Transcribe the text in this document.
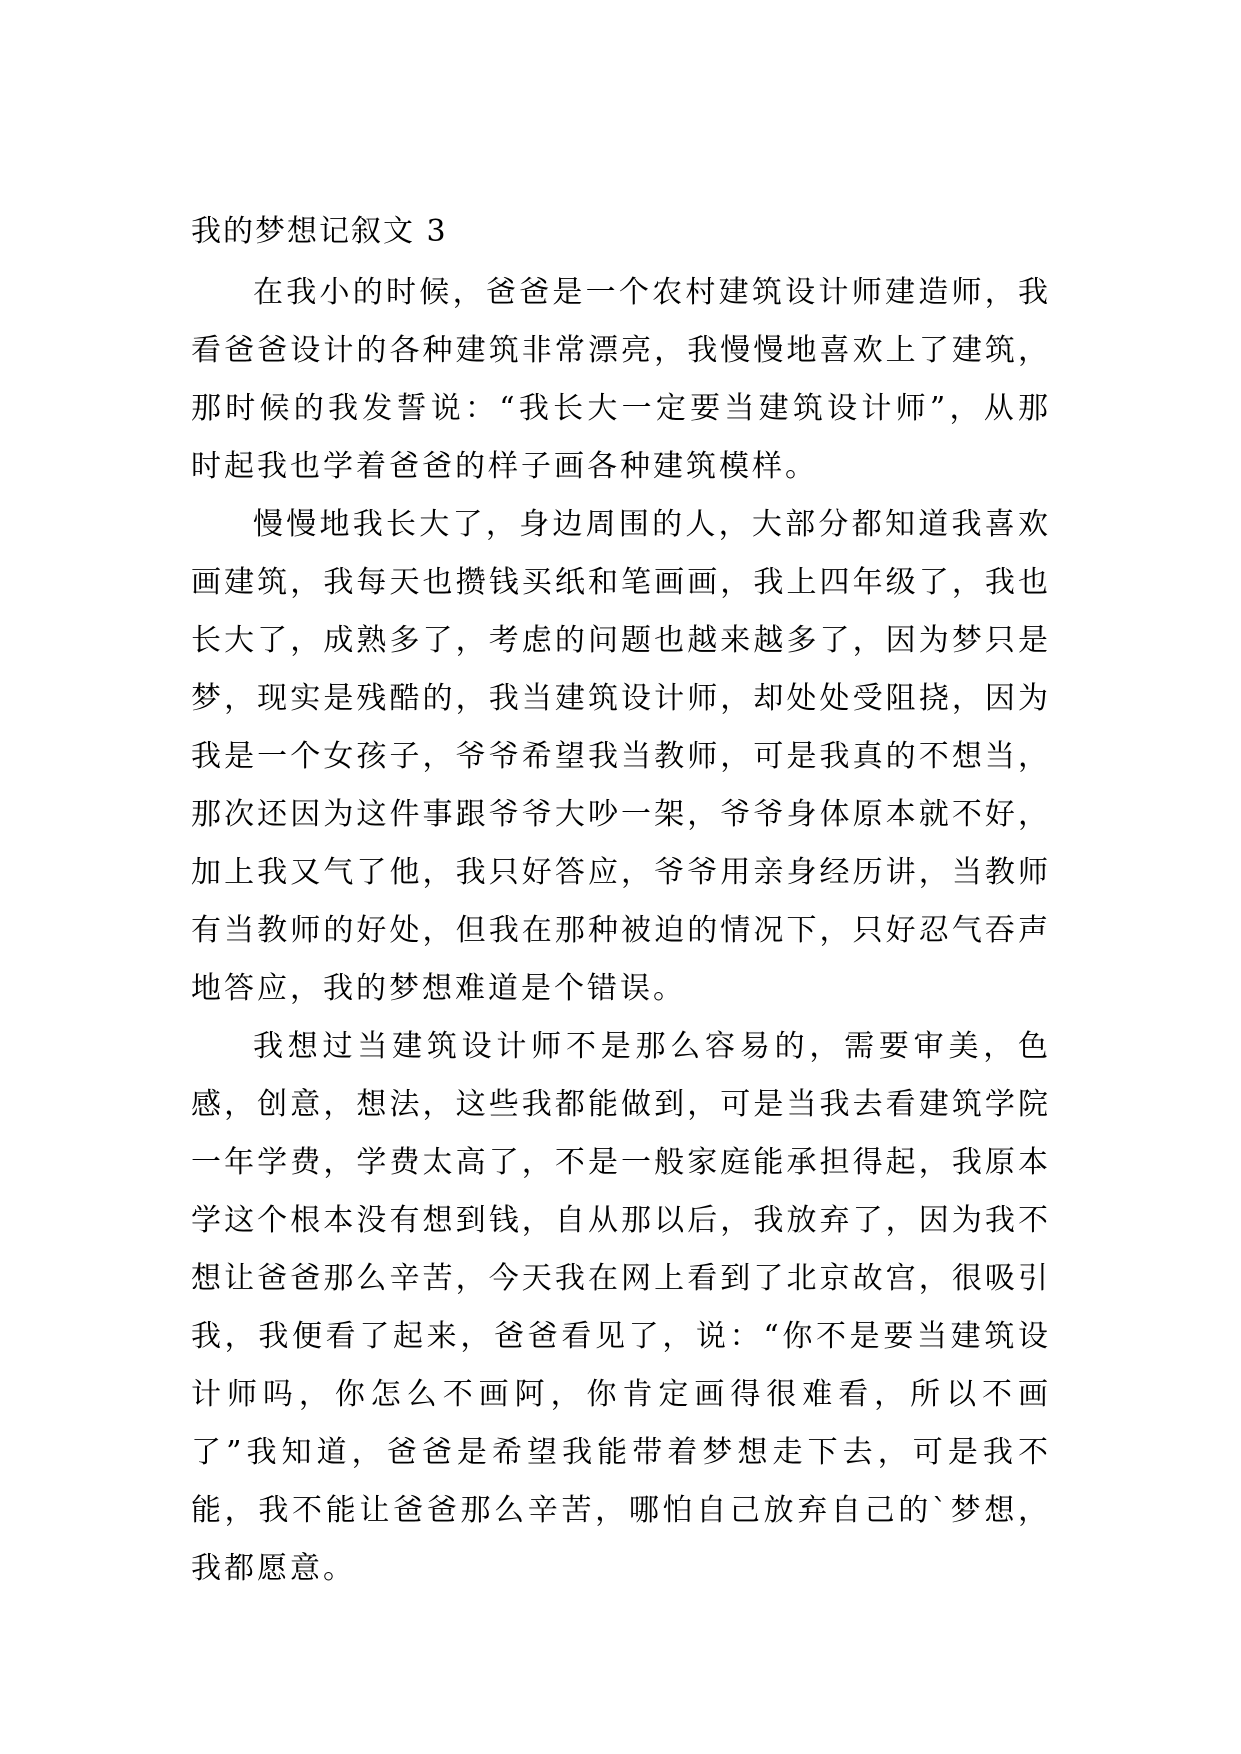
我的梦想记叙文 3

在我小的时候，爸爸是一个农村建筑设计师建造师，我看爸爸设计的各种建筑非常漂亮，我慢慢地喜欢上了建筑，那时候的我发誓说：“我长大一定要当建筑设计师”，从那时起我也学着爸爸的样子画各种建筑模样。

慢慢地我长大了，身边周围的人，大部分都知道我喜欢画建筑，我每天也攒钱买纸和笔画画，我上四年级了，我也长大了，成熟多了，考虑的问题也越来越多了，因为梦只是梦，现实是残酷的，我当建筑设计师，却处处受阻挠，因为我是一个女孩子，爷爷希望我当教师，可是我真的不想当，那次还因为这件事跟爷爷大吵一架，爷爷身体原本就不好，加上我又气了他，我只好答应，爷爷用亲身经历讲，当教师有当教师的好处，但我在那种被迫的情况下，只好忍气吞声地答应，我的梦想难道是个错误。

我想过当建筑设计师不是那么容易的，需要审美，色感，创意，想法，这些我都能做到，可是当我去看建筑学院一年学费，学费太高了，不是一般家庭能承担得起，我原本学这个根本没有想到钱，自从那以后，我放弃了，因为我不想让爸爸那么辛苦，今天我在网上看到了北京故宫，很吸引我，我便看了起来，爸爸看见了，说：“你不是要当建筑设计师吗，你怎么不画阿，你肯定画得很难看，所以不画了”我知道，爸爸是希望我能带着梦想走下去，可是我不能，我不能让爸爸那么辛苦，哪怕自己放弃自己的`梦想，我都愿意。
